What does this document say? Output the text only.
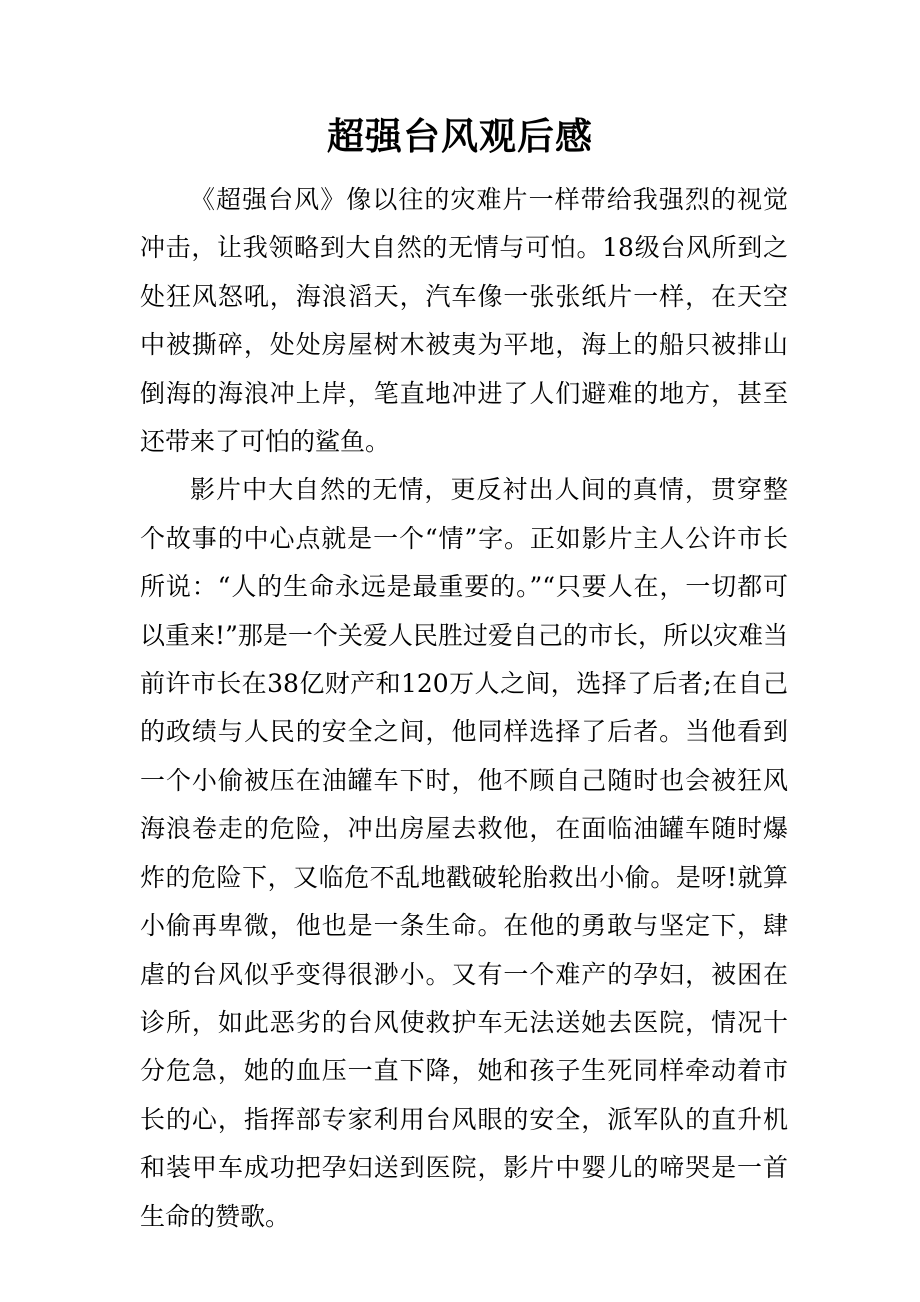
超强台风观后感

《超强台风》像以往的灾难片一样带给我强烈的视觉冲击，让我领略到大自然的无情与可怕。18级台风所到之处狂风怒吼，海浪滔天，汽车像一张张纸片一样，在天空中被撕碎，处处房屋树木被夷为平地，海上的船只被排山倒海的海浪冲上岸，笔直地冲进了人们避难的地方，甚至还带来了可怕的鲨鱼。

影片中大自然的无情，更反衬出人间的真情，贯穿整个故事的中心点就是一个“情”字。正如影片主人公许市长所说：“人的生命永远是最重要的。”“只要人在，一切都可以重来!”那是一个关爱人民胜过爱自己的市长，所以灾难当前许市长在38亿财产和120万人之间，选择了后者;在自己的政绩与人民的安全之间，他同样选择了后者。当他看到一个小偷被压在油罐车下时，他不顾自己随时也会被狂风海浪卷走的危险，冲出房屋去救他，在面临油罐车随时爆炸的危险下，又临危不乱地戳破轮胎救出小偷。是呀!就算小偷再卑微，他也是一条生命。在他的勇敢与坚定下，肆虐的台风似乎变得很渺小。又有一个难产的孕妇，被困在诊所，如此恶劣的台风使救护车无法送她去医院，情况十分危急，她的血压一直下降，她和孩子生死同样牵动着市长的心，指挥部专家利用台风眼的安全，派军队的直升机和装甲车成功把孕妇送到医院，影片中婴儿的啼哭是一首生命的赞歌。
